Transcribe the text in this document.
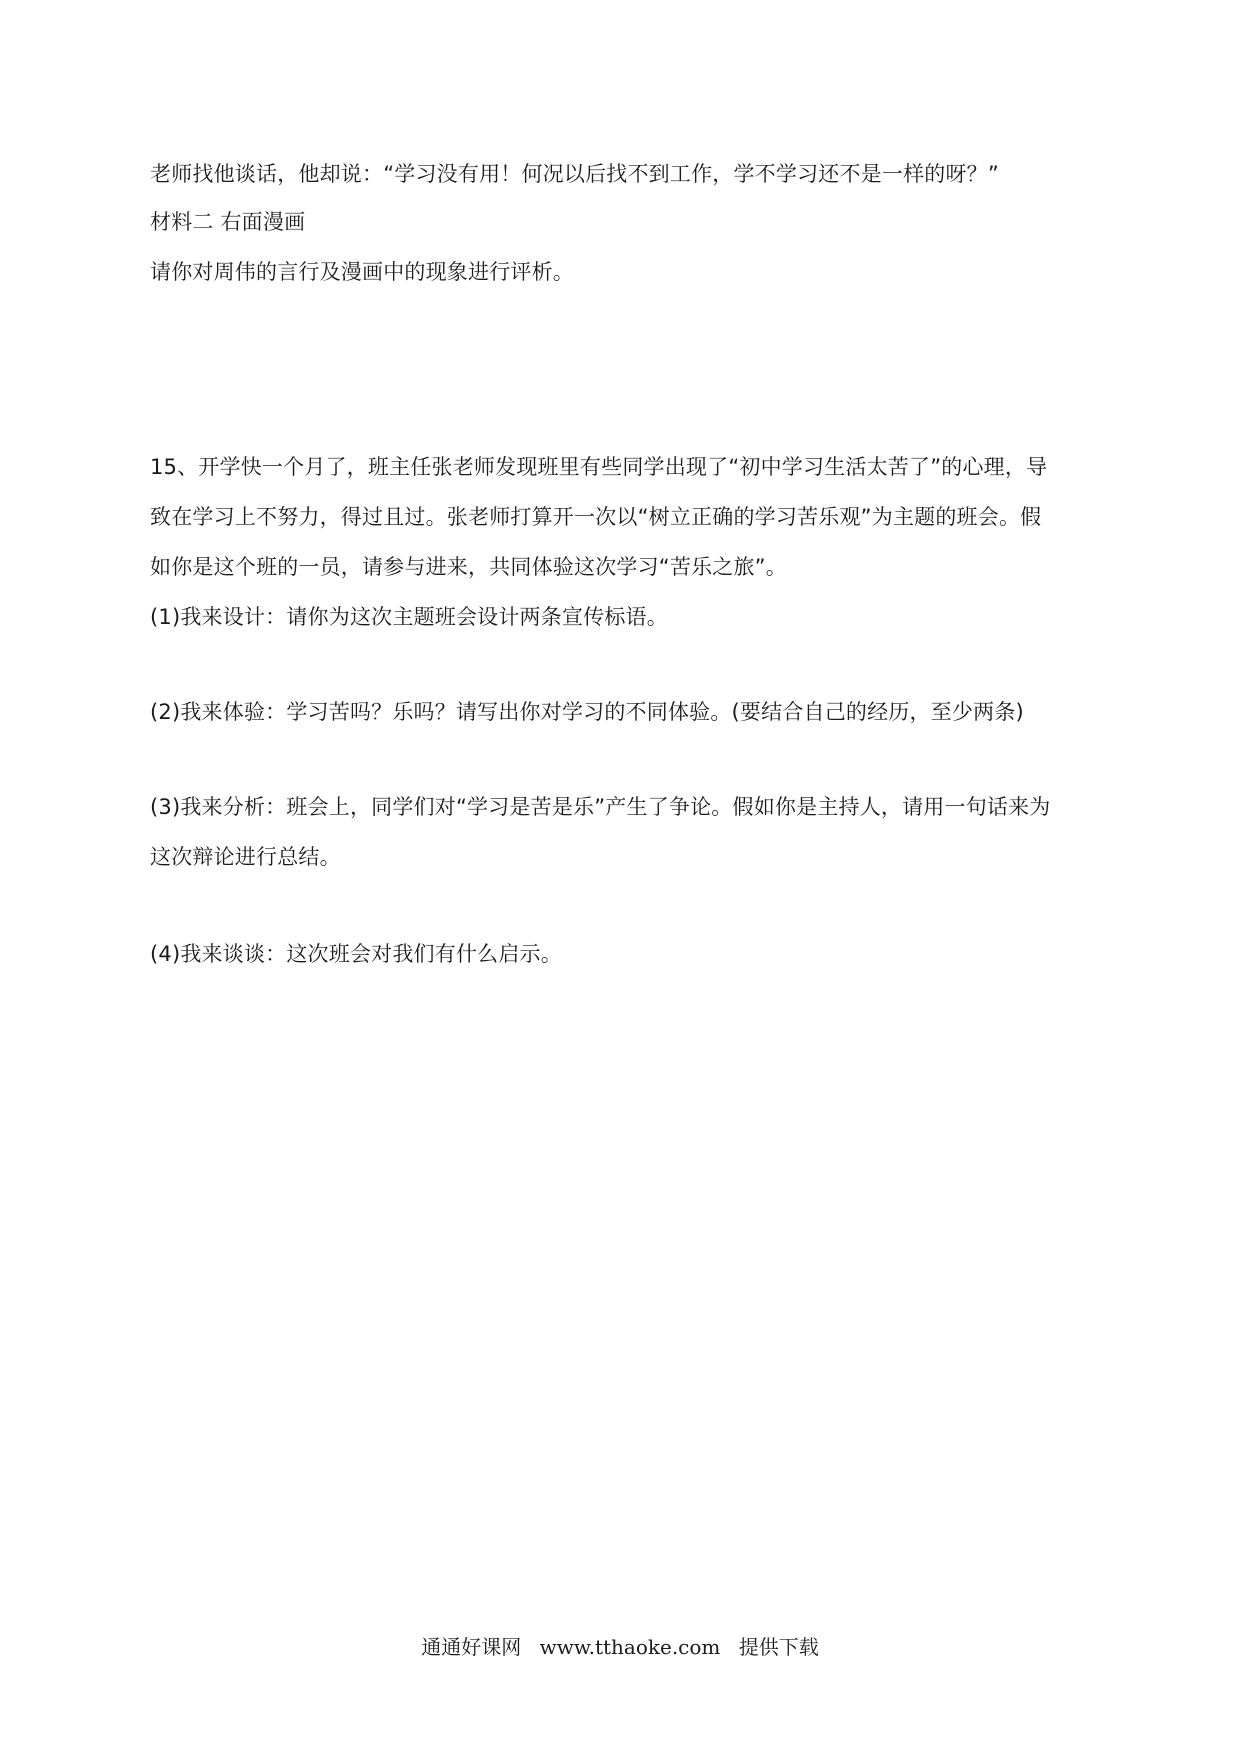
老师找他谈话，他却说：“学习没有用！何况以后找不到工作，学不学习还不是一样的呀？”
材料二 右面漫画
请你对周伟的言行及漫画中的现象进行评析。
15、开学快一个月了，班主任张老师发现班里有些同学出现了“初中学习生活太苦了”的心理，导
致在学习上不努力，得过且过。张老师打算开一次以“树立正确的学习苦乐观”为主题的班会。假
如你是这个班的一员，请参与进来，共同体验这次学习“苦乐之旅”。
(1)我来设计：请你为这次主题班会设计两条宣传标语。
(2)我来体验：学习苦吗？乐吗？请写出你对学习的不同体验。(要结合自己的经历，至少两条)
(3)我来分析：班会上，同学们对“学习是苦是乐”产生了争论。假如你是主持人，请用一句话来为
这次辩论进行总结。
(4)我来谈谈：这次班会对我们有什么启示。
通通好课网 www.tthaoke.com 提供下载
